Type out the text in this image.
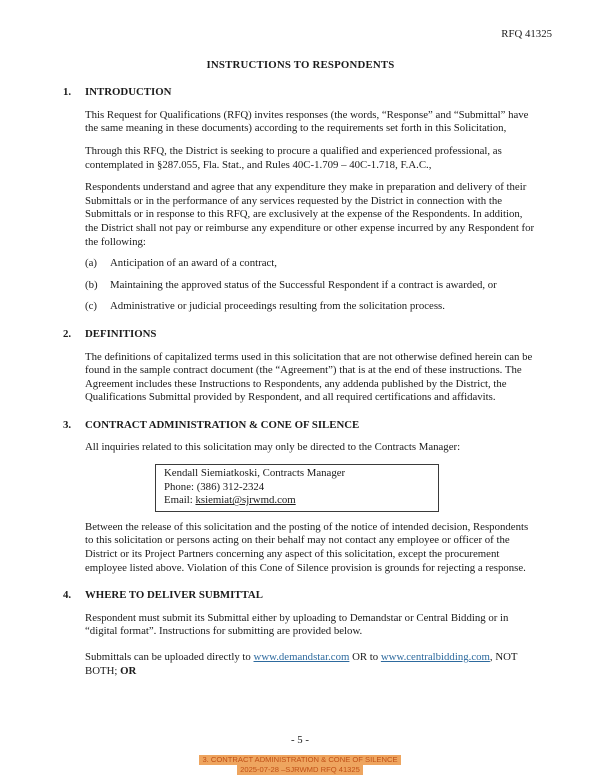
RFQ 41325
INSTRUCTIONS TO RESPONDENTS
1.	INTRODUCTION

This Request for Qualifications (RFQ) invites responses (the words, “Response” and “Submittal” have the same meaning in these documents) according to the requirements set forth in this Solicitation,

Through this RFQ, the District is seeking to procure a qualified and experienced professional, as contemplated in §287.055, Fla. Stat., and Rules 40C-1.709 – 40C-1.718, F.A.C.,

Respondents understand and agree that any expenditure they make in preparation and delivery of their Submittals or in the performance of any services requested by the District in connection with the Submittals or in response to this RFQ, are exclusively at the expense of the Respondents. In addition, the District shall not pay or reimburse any expenditure or other expense incurred by any Respondent for the following:

(a)	Anticipation of an award of a contract,
(b)	Maintaining the approved status of the Successful Respondent if a contract is awarded, or
(c)	Administrative or judicial proceedings resulting from the solicitation process.
2.	DEFINITIONS

The definitions of capitalized terms used in this solicitation that are not otherwise defined herein can be found in the sample contract document (the “Agreement”) that is at the end of these instructions. The Agreement includes these Instructions to Respondents, any addenda published by the District, the Qualifications Submittal provided by Respondent, and all required certifications and affidavits.

3.	CONTRACT ADMINISTRATION & CONE OF SILENCE

All inquiries related to this solicitation may only be directed to the Contracts Manager:

Kendall Siemiatkoski, Contracts Manager
Phone: (386) 312-2324
Email: ksiemiat@sjrwmd.com

Between the release of this solicitation and the posting of the notice of intended decision, Respondents to this solicitation or persons acting on their behalf may not contact any employee or officer of the District or its Project Partners concerning any aspect of this solicitation, except the procurement employee listed above. Violation of this Cone of Silence provision is grounds for rejecting a response.

4.	WHERE TO DELIVER SUBMITTAL

Respondent must submit its Submittal either by uploading to Demandstar or Central Bidding or in “digital format”. Instructions for submitting are provided below.

Submittals can be uploaded directly to www.demandstar.com OR to www.centralbidding.com, NOT BOTH; OR

- 5 -
3. CONTRACT ADMINISTRATION & CONE OF SILENCE
2025-07-28 –SJRWMD RFQ 41325
